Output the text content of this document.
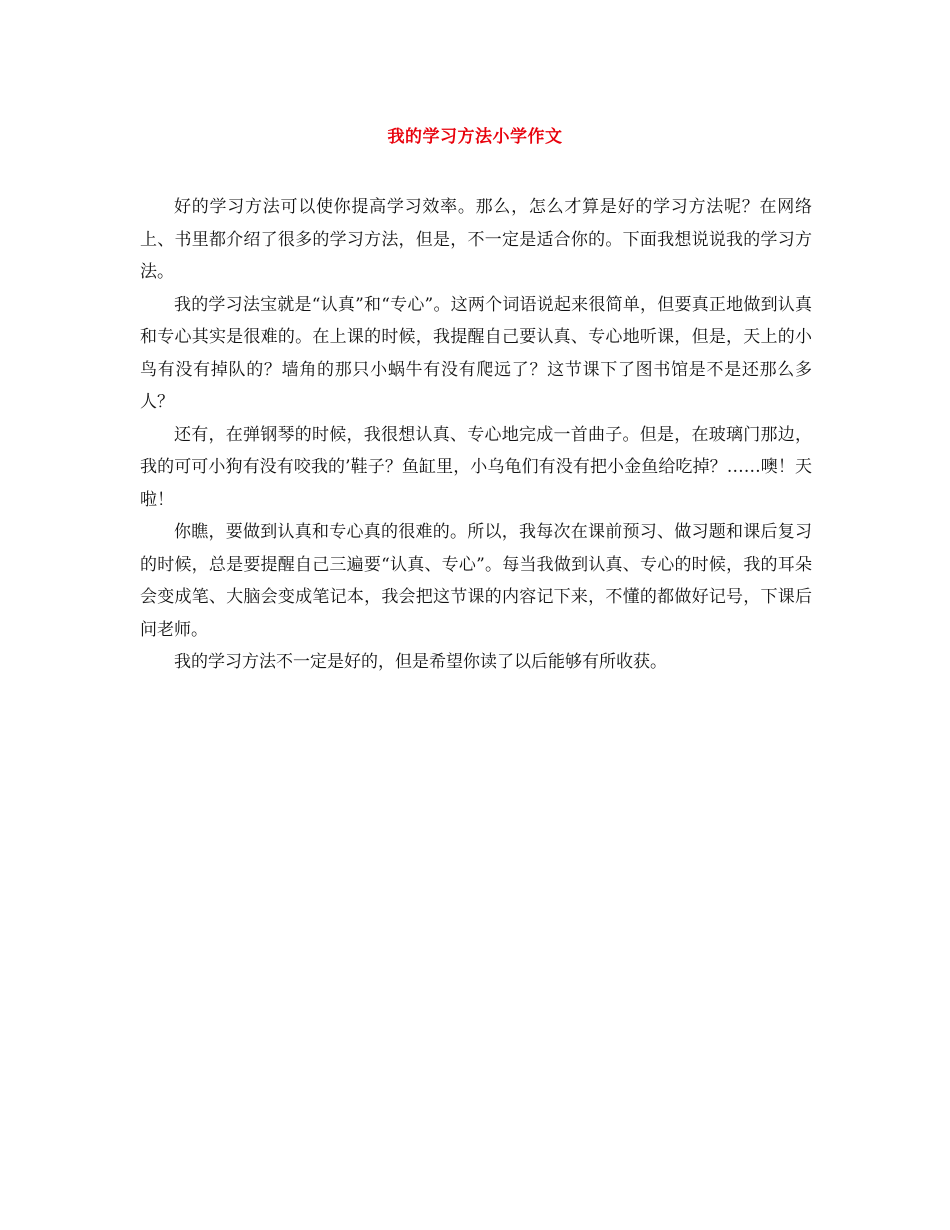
我的学习方法小学作文

好的学习方法可以使你提高学习效率。那么，怎么才算是好的学习方法呢？在网络上、书里都介绍了很多的学习方法，但是，不一定是适合你的。下面我想说说我的学习方法。

我的学习法宝就是“认真”和“专心”。这两个词语说起来很简单，但要真正地做到认真和专心其实是很难的。在上课的时候，我提醒自己要认真、专心地听课，但是，天上的小鸟有没有掉队的？墙角的那只小蜗牛有没有爬远了？这节课下了图书馆是不是还那么多人？

还有，在弹钢琴的时候，我很想认真、专心地完成一首曲子。但是，在玻璃门那边，我的可可小狗有没有咬我的’鞋子？鱼缸里，小乌龟们有没有把小金鱼给吃掉？……噢！天啦！

你瞧，要做到认真和专心真的很难的。所以，我每次在课前预习、做习题和课后复习的时候，总是要提醒自己三遍要“认真、专心”。每当我做到认真、专心的时候，我的耳朵会变成笔、大脑会变成笔记本，我会把这节课的内容记下来，不懂的都做好记号，下课后问老师。

我的学习方法不一定是好的，但是希望你读了以后能够有所收获。
